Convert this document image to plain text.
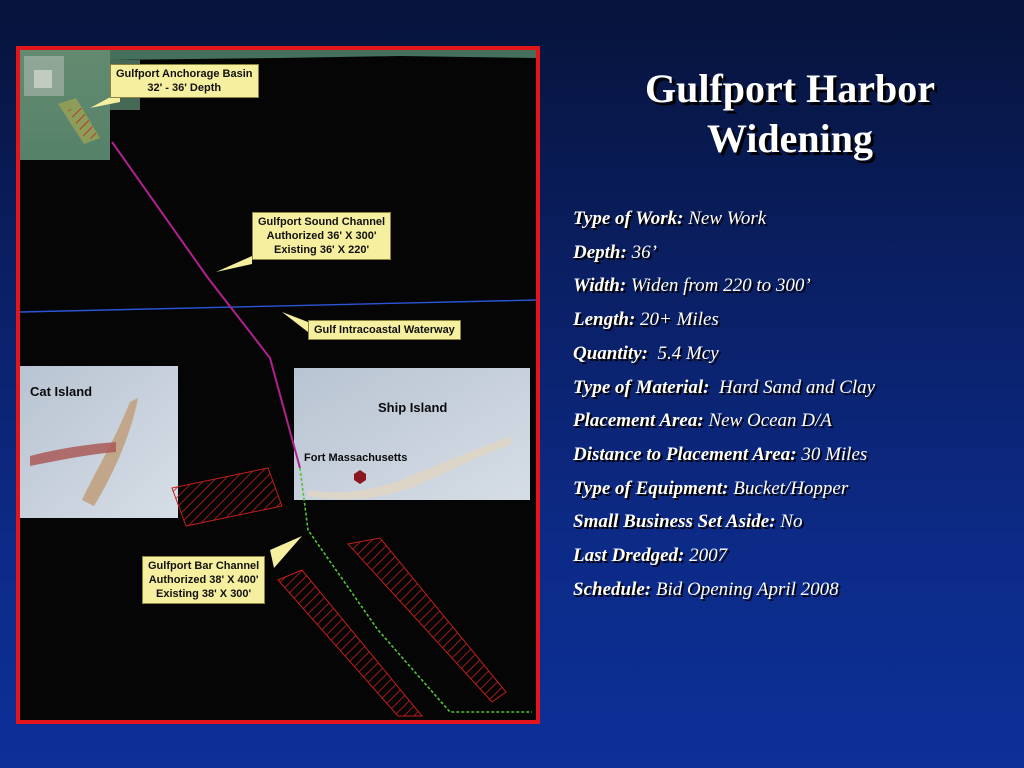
Gulfport Anchorage Basin
32' - 36' Depth
Gulfport Sound Channel
Authorized 36' X 300'
Existing 36' X 220'
Gulf Intracoastal Waterway
Gulfport Bar Channel
Authorized 38' X 400'
Existing 38' X 300'
Cat Island
Ship Island
Fort Massachusetts
Gulfport Harbor
Widening
Type of Work: New Work
Depth: 36’
Width: Widen from 220 to 300’
Length: 20+ Miles
Quantity:  5.4 Mcy
Type of Material:  Hard Sand and Clay
Placement Area: New Ocean D/A
Distance to Placement Area: 30 Miles
Type of Equipment: Bucket/Hopper
Small Business Set Aside: No
Last Dredged: 2007
Schedule: Bid Opening April 2008
